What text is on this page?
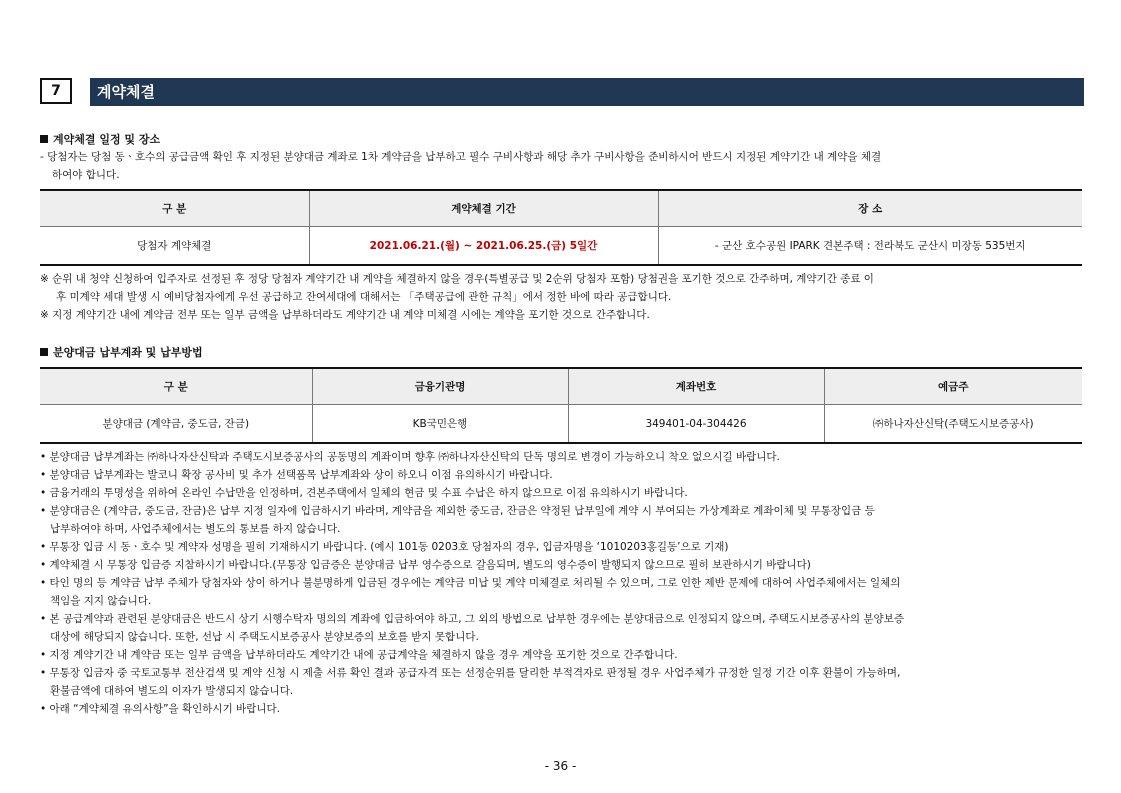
7	계약체결
계약체결 일정 및 장소
- 당첨자는 당첨 동ㆍ호수의 공급금액 확인 후 지정된 분양대금 계좌로 1차 계약금을 납부하고 필수 구비사항과 해당 추가 구비사항을 준비하시어 반드시 지정된 계약기간 내 계약을 체결
하여야 합니다.
구 분	계약체결 기간	장 소
당첨자 계약체결	2021.06.21.(월) ~ 2021.06.25.(금) 5일간	- 군산 호수공원 IPARK 견본주택 : 전라북도 군산시 미장동 535번지
※ 순위 내 청약 신청하여 입주자로 선정된 후 정당 당첨자 계약기간 내 계약을 체결하지 않을 경우(특별공급 및 2순위 당첨자 포함) 당첨권을 포기한 것으로 간주하며, 계약기간 종료 이
후 미계약 세대 발생 시 예비당첨자에게 우선 공급하고 잔여세대에 대해서는 「주택공급에 관한 규칙」에서 정한 바에 따라 공급합니다.
※ 지정 계약기간 내에 계약금 전부 또는 일부 금액을 납부하더라도 계약기간 내 계약 미체결 시에는 계약을 포기한 것으로 간주합니다.
분양대금 납부계좌 및 납부방법
구 분	금융기관명	계좌번호	예금주
분양대금 (계약금, 중도금, 잔금)	KB국민은행	349401-04-304426	㈜하나자산신탁(주택도시보증공사)
• 분양대금 납부계좌는 ㈜하나자산신탁과 주택도시보증공사의 공동명의 계좌이며 향후 ㈜하나자산신탁의 단독 명의로 변경이 가능하오니 착오 없으시길 바랍니다.
• 분양대금 납부계좌는 발코니 확장 공사비 및 추가 선택품목 납부계좌와 상이 하오니 이점 유의하시기 바랍니다.
• 금융거래의 투명성을 위하여 온라인 수납만을 인정하며, 견본주택에서 일체의 현금 및 수표 수납은 하지 않으므로 이점 유의하시기 바랍니다.
• 분양대금은 (계약금, 중도금, 잔금)은 납부 지정 일자에 입금하시기 바라며, 계약금을 제외한 중도금, 잔금은 약정된 납부일에 계약 시 부여되는 가상계좌로 계좌이체 및 무통장입금 등
납부하여야 하며, 사업주체에서는 별도의 통보를 하지 않습니다.
• 무통장 입금 시 동ㆍ호수 및 계약자 성명을 필히 기재하시기 바랍니다. (예시 101동 0203호 당첨자의 경우, 입금자명을 ‘1010203홍길동’으로 기재)
• 계약체결 시 무통장 입금증 지참하시기 바랍니다.(무통장 입금증은 분양대금 납부 영수증으로 갈음되며, 별도의 영수증이 발행되지 않으므로 필히 보관하시기 바랍니다)
• 타인 명의 등 계약금 납부 주체가 당첨자와 상이 하거나 불분명하게 입금된 경우에는 계약금 미납 및 계약 미체결로 처리될 수 있으며, 그로 인한 제반 문제에 대하여 사업주체에서는 일체의
책임을 지지 않습니다.
• 본 공급계약과 관련된 분양대금은 반드시 상기 시행수탁자 명의의 계좌에 입금하여야 하고, 그 외의 방법으로 납부한 경우에는 분양대금으로 인정되지 않으며, 주택도시보증공사의 분양보증
대상에 해당되지 않습니다. 또한, 선납 시 주택도시보증공사 분양보증의 보호를 받지 못합니다.
• 지정 계약기간 내 계약금 또는 일부 금액을 납부하더라도 계약기간 내에 공급계약을 체결하지 않을 경우 계약을 포기한 것으로 간주합니다.
• 무통장 입금자 중 국토교통부 전산검색 및 계약 신청 시 제출 서류 확인 결과 공급자격 또는 선정순위를 달리한 부적격자로 판정될 경우 사업주체가 규정한 일정 기간 이후 환불이 가능하며,
환불금액에 대하여 별도의 이자가 발생되지 않습니다.
• 아래 “계약체결 유의사항”을 확인하시기 바랍니다.
- 36 -
